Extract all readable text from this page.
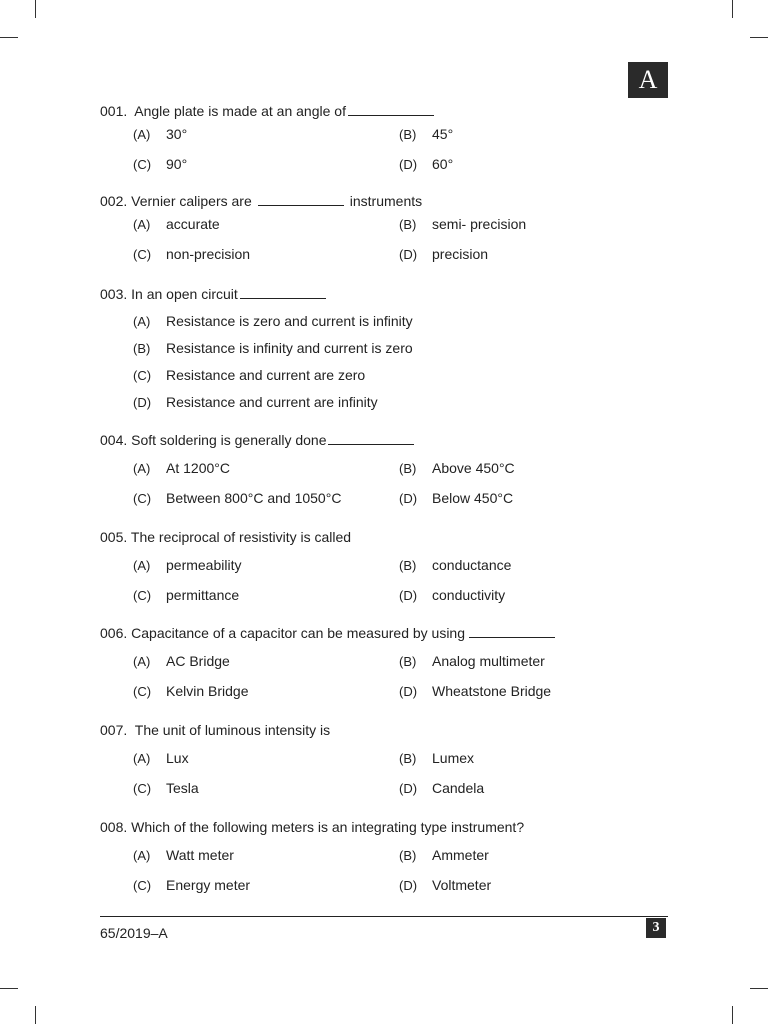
A
001. Angle plate is made at an angle of
(A) 30°	(B) 45°
(C) 90°	(D) 60°
002. Vernier calipers are	instruments
(A) accurate	(B) semi- precision
(C) non-precision	(D) precision
003. In an open circuit
(A) Resistance is zero and current is infinity
(B) Resistance is infinity and current is zero
(C) Resistance and current are zero
(D) Resistance and current are infinity
004. Soft soldering is generally done
(A) At 1200°C	(B) Above 450°C
(C) Between 800°C and 1050°C	(D) Below 450°C
005. The reciprocal of resistivity is called
(A) permeability	(B) conductance
(C) permittance	(D) conductivity
006. Capacitance of a capacitor can be measured by using
(A) AC Bridge	(B) Analog multimeter
(C) Kelvin Bridge	(D) Wheatstone Bridge
007. The unit of luminous intensity is
(A) Lux	(B) Lumex
(C) Tesla	(D) Candela
008. Which of the following meters is an integrating type instrument?
(A) Watt meter	(B) Ammeter
(C) Energy meter	(D) Voltmeter
65/2019–A	3
